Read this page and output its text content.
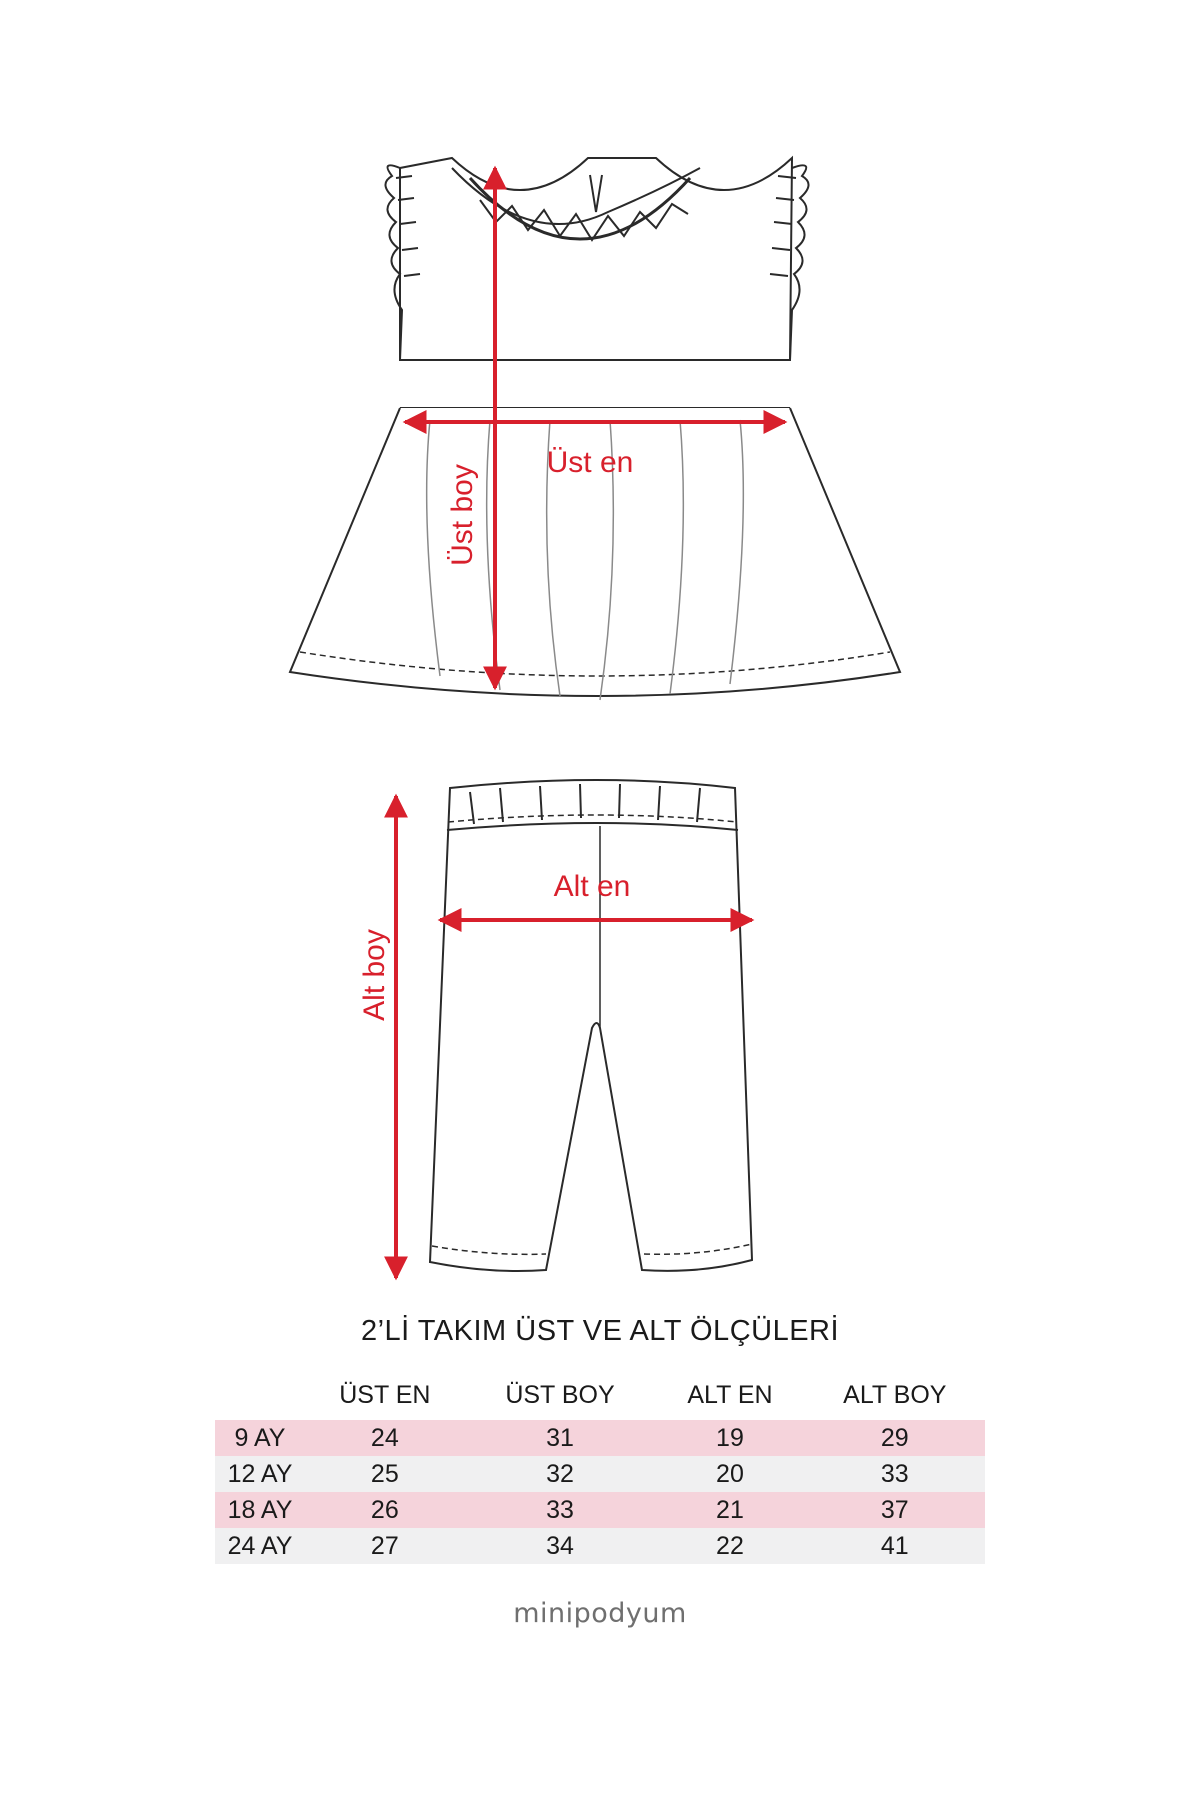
Üst en
Üst boy
Alt en
Alt boy
2’Lİ TAKIM ÜST VE ALT ÖLÇÜLERİ
	ÜST EN	ÜST BOY	ALT EN	ALT BOY
9 AY	24	31	19	29
12 AY	25	32	20	33
18 AY	26	33	21	37
24 AY	27	34	22	41
minipodyum
